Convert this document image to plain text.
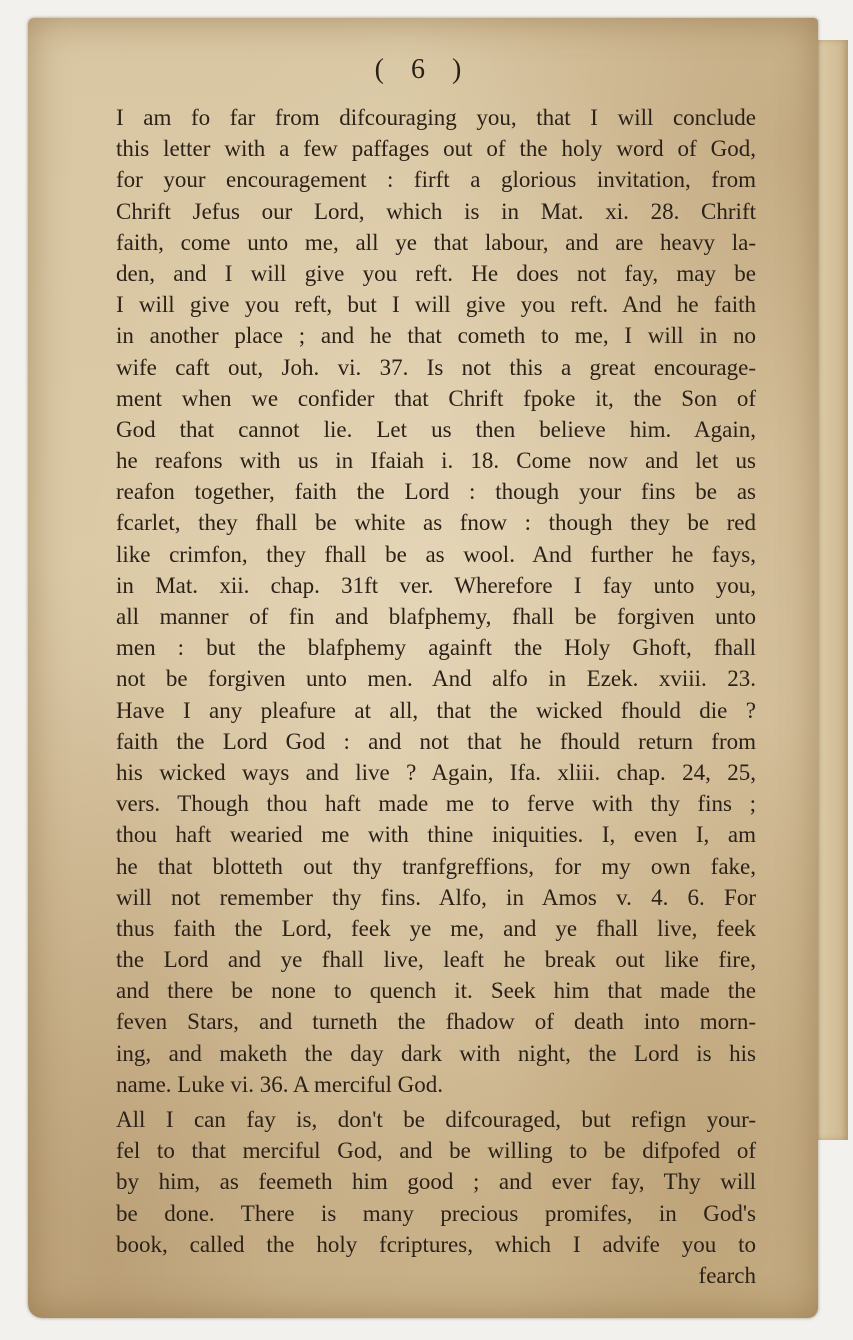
( 6 )
I am fo far from difcouraging you, that I will conclude
this letter with a few paffages out of the holy word of God,
for your encouragement : firft a glorious invitation, from
Chrift Jefus our Lord, which is in Mat. xi. 28. Chrift
faith, come unto me, all ye that labour, and are heavy la-
den, and I will give you reft. He does not fay, may be
I will give you reft, but I will give you reft. And he faith
in another place ; and he that cometh to me, I will in no
wife caft out, Joh. vi. 37. Is not this a great encourage-
ment when we confider that Chrift fpoke it, the Son of
God that cannot lie. Let us then believe him. Again,
he reafons with us in Ifaiah i. 18. Come now and let us
reafon together, faith the Lord : though your fins be as
fcarlet, they fhall be white as fnow : though they be red
like crimfon, they fhall be as wool. And further he fays,
in Mat. xii. chap. 31ft ver. Wherefore I fay unto you,
all manner of fin and blafphemy, fhall be forgiven unto
men : but the blafphemy againft the Holy Ghoft, fhall
not be forgiven unto men. And alfo in Ezek. xviii. 23.
Have I any pleafure at all, that the wicked fhould die ?
faith the Lord God : and not that he fhould return from
his wicked ways and live ? Again, Ifa. xliii. chap. 24, 25,
vers. Though thou haft made me to ferve with thy fins ;
thou haft wearied me with thine iniquities. I, even I, am
he that blotteth out thy tranfgreffions, for my own fake,
will not remember thy fins. Alfo, in Amos v. 4. 6. For
thus faith the Lord, feek ye me, and ye fhall live, feek
the Lord and ye fhall live, leaft he break out like fire,
and there be none to quench it. Seek him that made the
feven Stars, and turneth the fhadow of death into morn-
ing, and maketh the day dark with night, the Lord is his
name. Luke vi. 36. A merciful God.
All I can fay is, don't be difcouraged, but refign your-
fel to that merciful God, and be willing to be difpofed of
by him, as feemeth him good ; and ever fay, Thy will
be done. There is many precious promifes, in God's
book, called the holy fcriptures, which I advife you to
fearch
